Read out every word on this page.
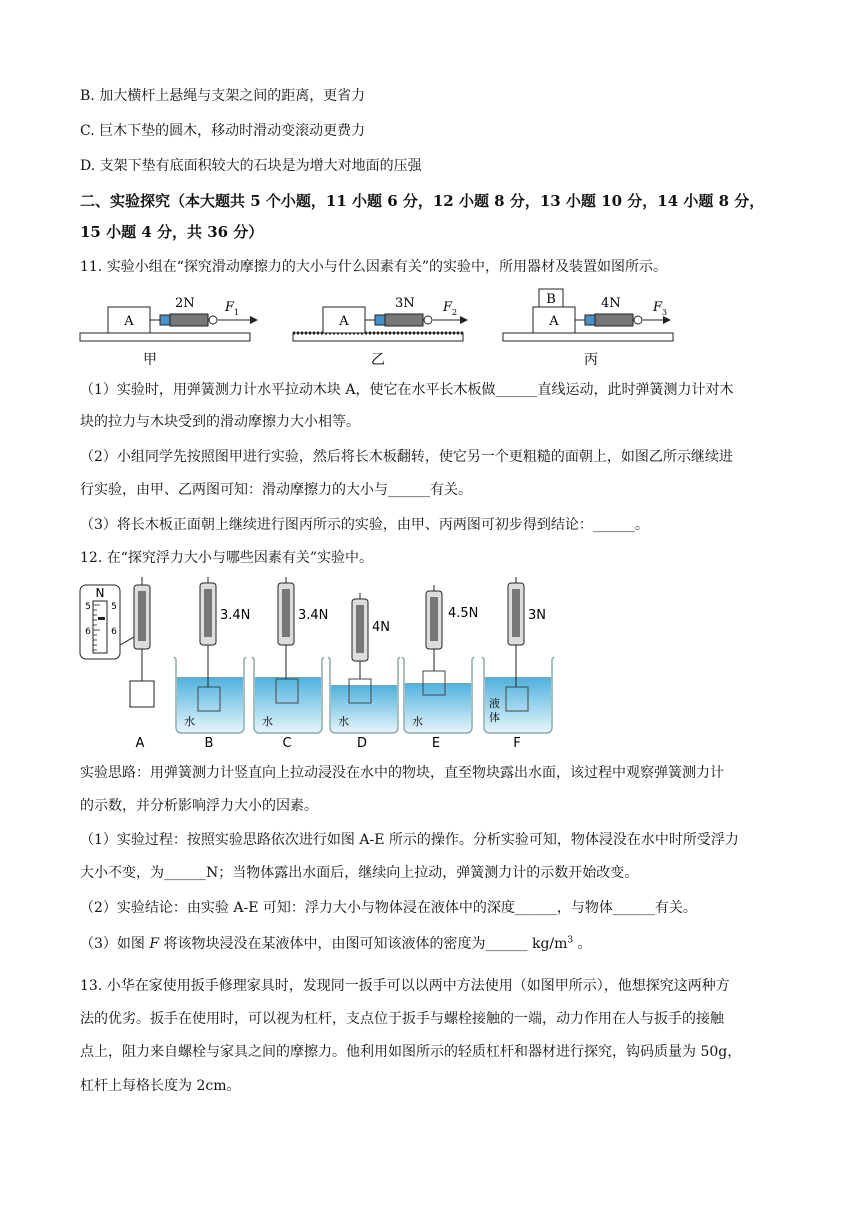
B. 加大横杆上悬绳与支架之间的距离，更省力
C. 巨木下垫的圆木，移动时滑动变滚动更费力
D. 支架下垫有底面积较大的石块是为增大对地面的压强
二、实验探究（本大题共 5 个小题，11 小题 6 分，12 小题 8 分，13 小题 10 分，14 小题 8 分，
15 小题 4 分，共 36 分）
11. 实验小组在“探究滑动摩擦力的大小与什么因素有关”的实验中，所用器材及装置如图所示。
A
2N F 1
甲
A
3N F 2
乙
A
B	4N F 3
丙
（1）实验时，用弹簧测力计水平拉动木块 A，使它在水平长木板做______直线运动，此时弹簧测力计对木
块的拉力与木块受到的滑动摩擦力大小相等。
（2）小组同学先按照图甲进行实验，然后将长木板翻转，使它另一个更粗糙的面朝上，如图乙所示继续进
行实验，由甲、乙两图可知：滑动摩擦力的大小与______有关。
（3）将长木板正面朝上继续进行图丙所示的实验，由甲、丙两图可初步得到结论：______。
12. 在“探究浮力大小与哪些因素有关”实验中。
N
5
6
5
6
A
3.4N
水
B
3.4N
水
C
4N
水
D
4.5N
水
E
3N
液
体
F
实验思路：用弹簧测力计竖直向上拉动浸没在水中的物块，直至物块露出水面，该过程中观察弹簧测力计
的示数，并分析影响浮力大小的因素。
（1）实验过程：按照实验思路依次进行如图 A-E 所示的操作。分析实验可知，物体浸没在水中时所受浮力
大小不变，为______N；当物体露出水面后，继续向上拉动，弹簧测力计的示数开始改变。
（2）实验结论：由实验 A-E 可知：浮力大小与物体浸在液体中的深度______，与物体______有关。
（3）如图 F 将该物块浸没在某液体中，由图可知该液体的密度为______ $kg/m^3$ 。
13. 小华在家使用扳手修理家具时，发现同一扳手可以以两中方法使用（如图甲所示），他想探究这两种方
法的优劣。扳手在使用时，可以视为杠杆，支点位于扳手与螺栓接触的一端，动力作用在人与扳手的接触
点上，阻力来自螺栓与家具之间的摩擦力。他利用如图所示的轻质杠杆和器材进行探究，钩码质量为 50g，
杠杆上每格长度为 2cm。
